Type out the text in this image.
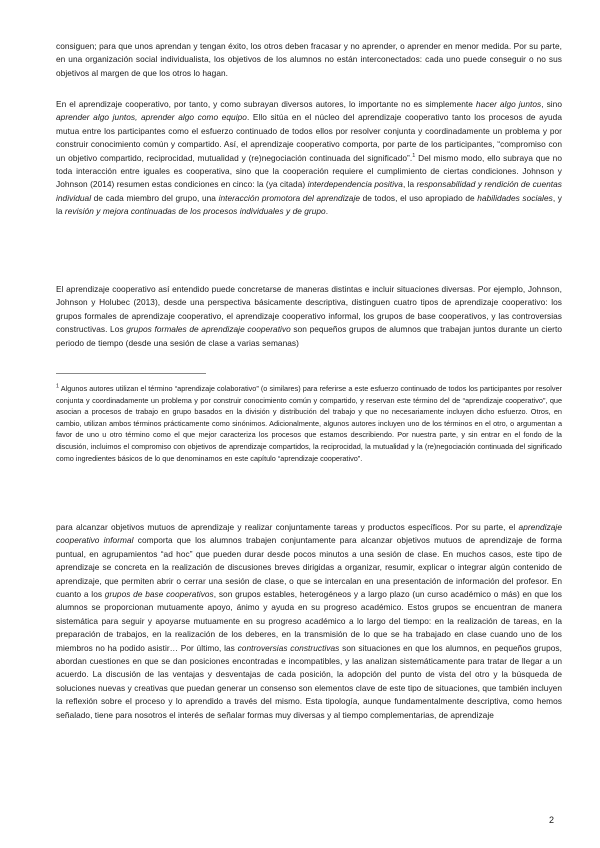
consiguen; para que unos aprendan y tengan éxito, los otros deben fracasar y no aprender, o aprender en menor medida. Por su parte, en una organización social individualista, los objetivos de los alumnos no están interconectados: cada uno puede conseguir o no sus objetivos al margen de que los otros lo hagan.

En el aprendizaje cooperativo, por tanto, y como subrayan diversos autores, lo importante no es simplemente hacer algo juntos, sino aprender algo juntos, aprender algo como equipo. Ello sitúa en el núcleo del aprendizaje cooperativo tanto los procesos de ayuda mutua entre los participantes como el esfuerzo continuado de todos ellos por resolver conjunta y coordinadamente un problema y por construir conocimiento común y compartido. Así, el aprendizaje cooperativo comporta, por parte de los participantes, “compromiso con un objetivo compartido, reciprocidad, mutualidad y (re)negociación continuada del significado”.$^1$ Del mismo modo, ello subraya que no toda interacción entre iguales es cooperativa, sino que la cooperación requiere el cumplimiento de ciertas condiciones. Johnson y Johnson (2014) resumen estas condiciones en cinco: la (ya citada) interdependencia positiva, la responsabilidad y rendición de cuentas individual de cada miembro del grupo, una interacción promotora del aprendizaje de todos, el uso apropiado de habilidades sociales, y la revisión y mejora continuadas de los procesos individuales y de grupo.

El aprendizaje cooperativo así entendido puede concretarse de maneras distintas e incluir situaciones diversas. Por ejemplo, Johnson, Johnson y Holubec (2013), desde una perspectiva básicamente descriptiva, distinguen cuatro tipos de aprendizaje cooperativo: los grupos formales de aprendizaje cooperativo, el aprendizaje cooperativo informal, los grupos de base cooperativos, y las controversias constructivas. Los grupos formales de aprendizaje cooperativo son pequeños grupos de alumnos que trabajan juntos durante un cierto periodo de tiempo (desde una sesión de clase a varias semanas)

$^1$ Algunos autores utilizan el término “aprendizaje colaborativo” (o similares) para referirse a este esfuerzo continuado de todos los participantes por resolver conjunta y coordinadamente un problema y por construir conocimiento común y compartido, y reservan este término del de “aprendizaje cooperativo”, que asocian a procesos de trabajo en grupo basados en la división y distribución del trabajo y que no necesariamente incluyen dicho esfuerzo. Otros, en cambio, utilizan ambos términos prácticamente como sinónimos. Adicionalmente, algunos autores incluyen uno de los términos en el otro, o argumentan a favor de uno u otro término como el que mejor caracteriza los procesos que estamos describiendo. Por nuestra parte, y sin entrar en el fondo de la discusión, incluimos el compromiso con objetivos de aprendizaje compartidos, la reciprocidad, la mutualidad y la (re)negociación continuada del significado como ingredientes básicos de lo que denominamos en este capítulo “aprendizaje cooperativo”.

para alcanzar objetivos mutuos de aprendizaje y realizar conjuntamente tareas y productos específicos. Por su parte, el aprendizaje cooperativo informal comporta que los alumnos trabajen conjuntamente para alcanzar objetivos mutuos de aprendizaje de forma puntual, en agrupamientos “ad hoc” que pueden durar desde pocos minutos a una sesión de clase. En muchos casos, este tipo de aprendizaje se concreta en la realización de discusiones breves dirigidas a organizar, resumir, explicar o integrar algún contenido de aprendizaje, que permiten abrir o cerrar una sesión de clase, o que se intercalan en una presentación de información del profesor. En cuanto a los grupos de base cooperativos, son grupos estables, heterogéneos y a largo plazo (un curso académico o más) en que los alumnos se proporcionan mutuamente apoyo, ánimo y ayuda en su progreso académico. Estos grupos se encuentran de manera sistemática para seguir y apoyarse mutuamente en su progreso académico a lo largo del tiempo: en la realización de tareas, en la preparación de trabajos, en la realización de los deberes, en la transmisión de lo que se ha trabajado en clase cuando uno de los miembros no ha podido asistir… Por último, las controversias constructivas son situaciones en que los alumnos, en pequeños grupos, abordan cuestiones en que se dan posiciones encontradas e incompatibles, y las analizan sistemáticamente para tratar de llegar a un acuerdo. La discusión de las ventajas y desventajas de cada posición, la adopción del punto de vista del otro y la búsqueda de soluciones nuevas y creativas que puedan generar un consenso son elementos clave de este tipo de situaciones, que también incluyen la reflexión sobre el proceso y lo aprendido a través del mismo. Esta tipología, aunque fundamentalmente descriptiva, como hemos señalado, tiene para nosotros el interés de señalar formas muy diversas y al tiempo complementarias, de aprendizaje

2
